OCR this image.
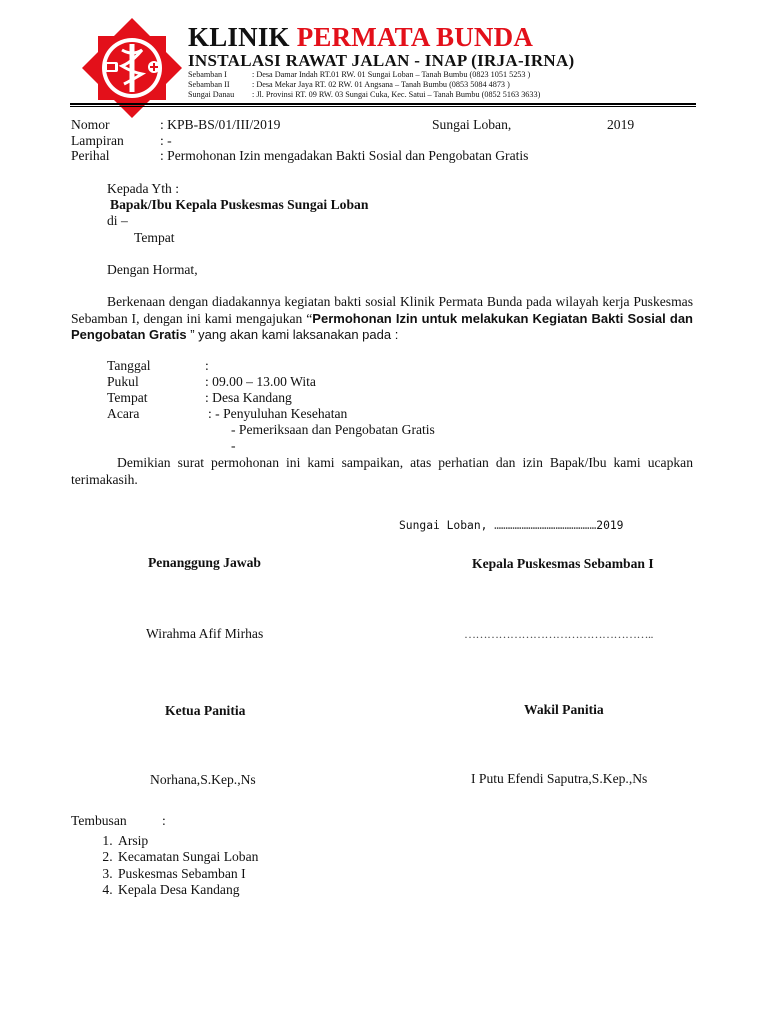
KLINIK PERMATA BUNDA
INSTALASI RAWAT JALAN - INAP (IRJA-IRNA)
Sebamban I	: Desa Damar Indah RT.01 RW. 01 Sungai Loban – Tanah Bumbu (0823 1051 5253 )
Sebamban II	: Desa Mekar Jaya RT. 02 RW. 01 Angsana – Tanah Bumbu (0853 5084 4873 )
Sungai Danau : Jl. Provinsi RT. 09 RW. 03 Sungai Cuka, Kec. Satui – Tanah Bumbu (0852 5163 3633)
Nomor	: KPB-BS/01/III/2019	Sungai Loban,	2019
Lampiran	: -
Perihal	: Permohonan Izin mengadakan Bakti Sosial dan Pengobatan Gratis
Kepada Yth :
Bapak/Ibu Kepala Puskesmas Sungai Loban
di –
Tempat
Dengan Hormat,
Berkenaan dengan diadakannya kegiatan bakti sosial Klinik Permata Bunda pada wilayah kerja Puskesmas Sebamban I, dengan ini kami mengajukan “Permohonan Izin untuk melakukan Kegiatan Bakti Sosial dan Pengobatan Gratis ” yang akan kami laksanakan pada :
Tanggal	:
Pukul	: 09.00 – 13.00 Wita
Tempat	: Desa Kandang
Acara	: - Penyuluhan Kesehatan
- Pemeriksaan dan Pengobatan Gratis
-
Demikian surat permohonan ini kami sampaikan, atas perhatian dan izin Bapak/Ibu kami ucapkan terimakasih.
Sungai Loban, ………………………………………2019
Penanggung Jawab	Kepala Puskesmas Sebamban I
Wirahma Afif Mirhas	…………………………………………..
Ketua Panitia	Wakil Panitia
Norhana,S.Kep.,Ns	I Putu Efendi Saputra,S.Kep.,Ns
Tembusan	:
1. Arsip
2. Kecamatan Sungai Loban
3. Puskesmas Sebamban I
4. Kepala Desa Kandang
